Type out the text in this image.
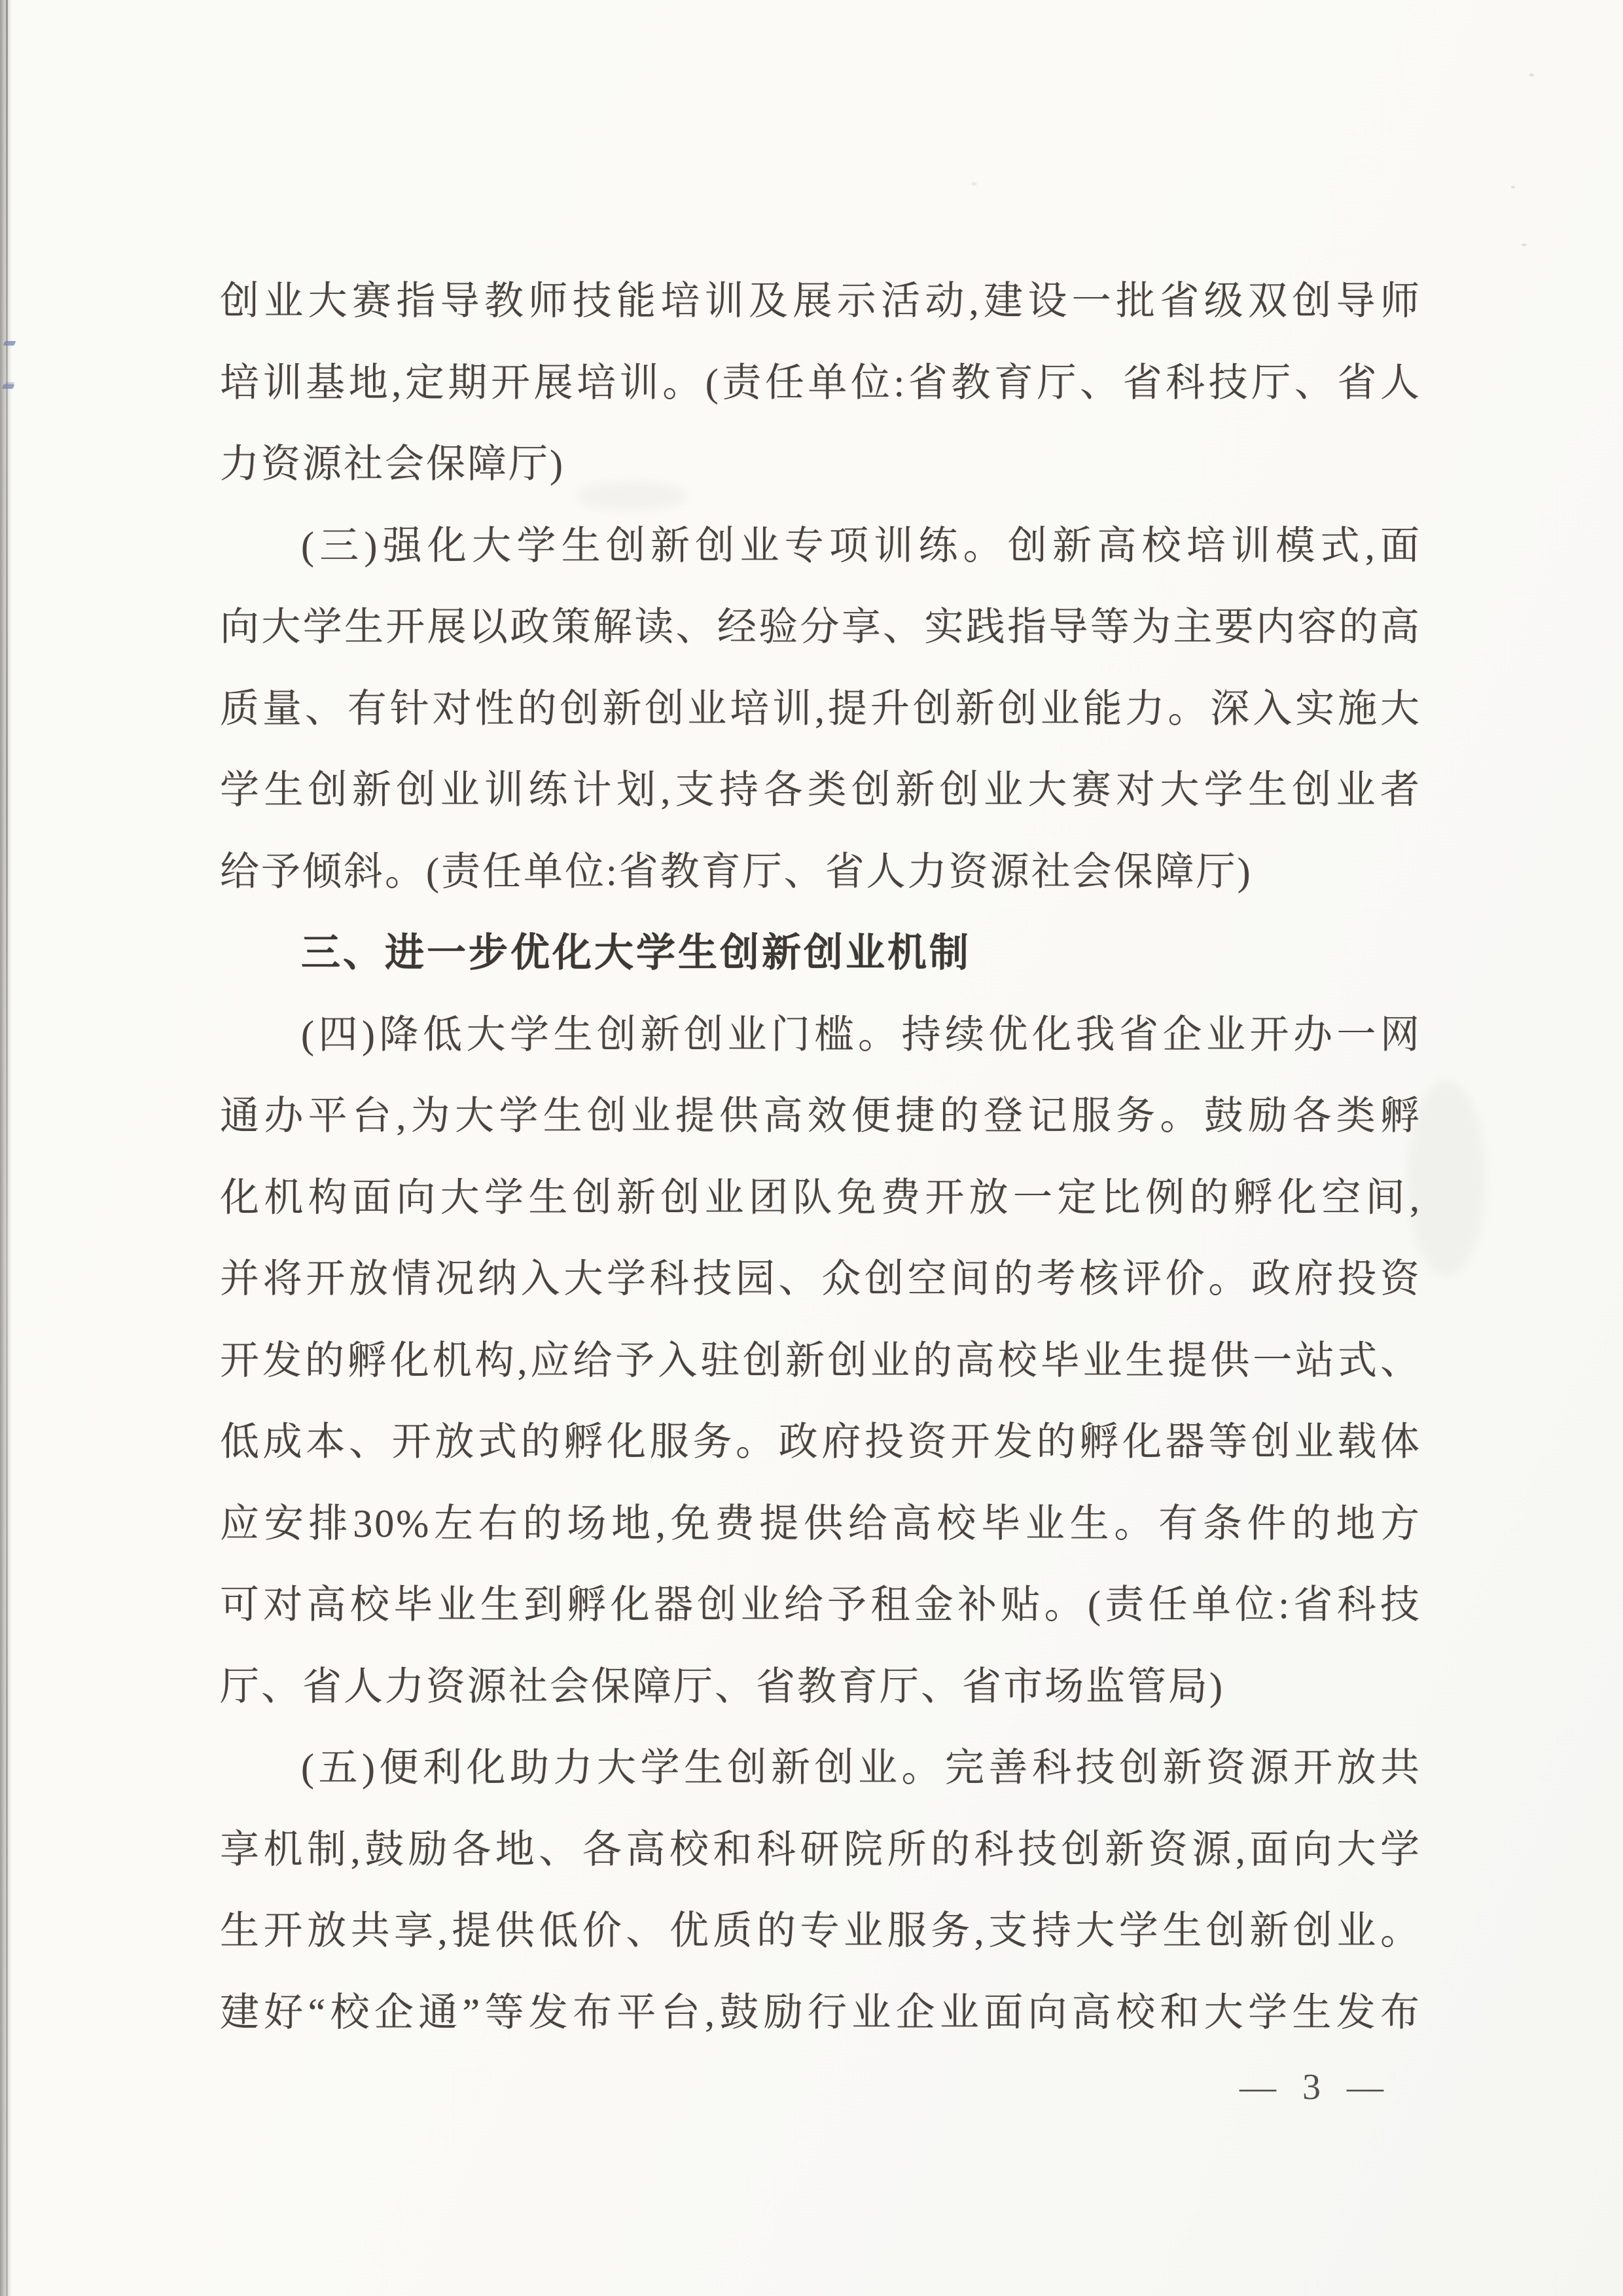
创业大赛指导教师技能培训及展示活动,建设一批省级双创导师
培训基地,定期开展培训。(责任单位:省教育厅、省科技厅、省人
力资源社会保障厅)
(三)强化大学生创新创业专项训练。创新高校培训模式,面
向大学生开展以政策解读、经验分享、实践指导等为主要内容的高
质量、有针对性的创新创业培训,提升创新创业能力。深入实施大
学生创新创业训练计划,支持各类创新创业大赛对大学生创业者
给予倾斜。(责任单位:省教育厅、省人力资源社会保障厅)
三、进一步优化大学生创新创业机制
(四)降低大学生创新创业门槛。持续优化我省企业开办一网
通办平台,为大学生创业提供高效便捷的登记服务。鼓励各类孵
化机构面向大学生创新创业团队免费开放一定比例的孵化空间,
并将开放情况纳入大学科技园、众创空间的考核评价。政府投资
开发的孵化机构,应给予入驻创新创业的高校毕业生提供一站式、
低成本、开放式的孵化服务。政府投资开发的孵化器等创业载体
应安排30%左右的场地,免费提供给高校毕业生。有条件的地方
可对高校毕业生到孵化器创业给予租金补贴。(责任单位:省科技
厅、省人力资源社会保障厅、省教育厅、省市场监管局)
(五)便利化助力大学生创新创业。完善科技创新资源开放共
享机制,鼓励各地、各高校和科研院所的科技创新资源,面向大学
生开放共享,提供低价、优质的专业服务,支持大学生创新创业。
建好“校企通”等发布平台,鼓励行业企业面向高校和大学生发布
— 3 —
